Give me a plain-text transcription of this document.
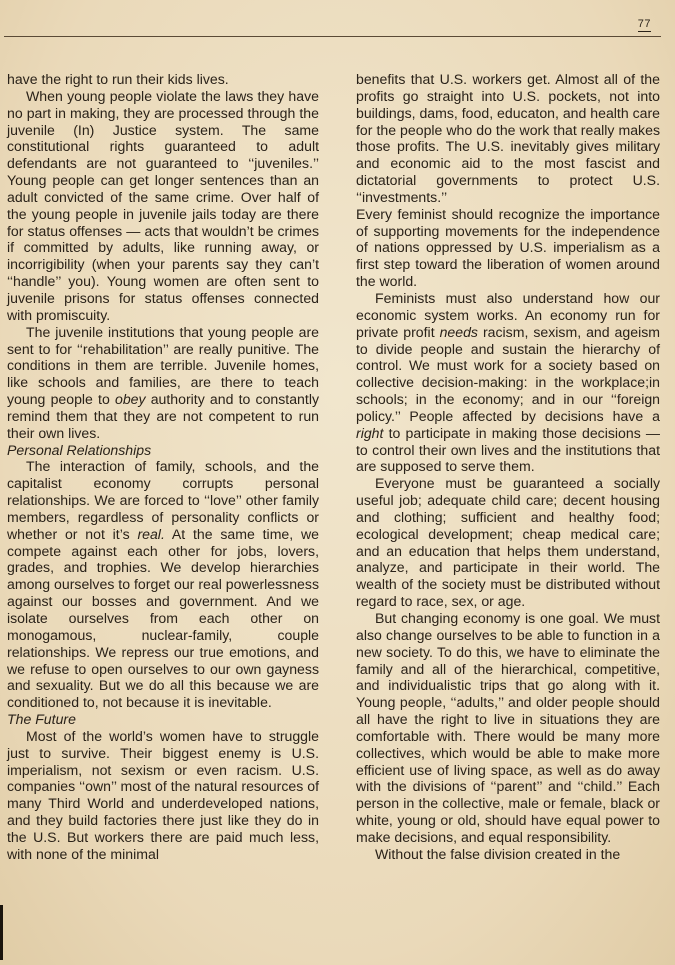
77

have the right to run their kids lives.

When young people violate the laws they have no part in making, they are processed through the juvenile (In) Justice system. The same constitutional rights guaranteed to adult defendants are not guaranteed to ‘‘juveniles.’’ Young people can get longer sentences than an adult convicted of the same crime. Over half of the young people in juvenile jails today are there for status offenses — acts that wouldn’t be crimes if committed by adults, like running away, or incorrigibility (when your parents say they can’t ‘‘handle’’ you). Young women are often sent to juvenile prisons for status offenses connected with promiscuity.

The juvenile institutions that young people are sent to for ‘‘rehabilitation’’ are really punitive. The conditions in them are terrible. Juvenile homes, like schools and families, are there to teach young people to obey authority and to constantly remind them that they are not competent to run their own lives.

Personal Relationships

The interaction of family, schools, and the capitalist economy corrupts personal relationships. We are forced to ‘‘love’’ other family members, regardless of personality conflicts or whether or not it’s real. At the same time, we compete against each other for jobs, lovers, grades, and trophies. We develop hierarchies among ourselves to forget our real powerlessness against our bosses and government. And we isolate ourselves from each other on monogamous, nuclear-family, couple relationships. We repress our true emotions, and we refuse to open ourselves to our own gayness and sexuality. But we do all this because we are conditioned to, not because it is inevitable.

The Future

Most of the world’s women have to struggle just to survive. Their biggest enemy is U.S. imperialism, not sexism or even racism. U.S. companies ‘‘own’’ most of the natural resources of many Third World and underdeveloped nations, and they build factories there just like they do in the U.S. But workers there are paid much less, with none of the minimal

benefits that U.S. workers get. Almost all of the profits go straight into U.S. pockets, not into buildings, dams, food, educaton, and health care for the people who do the work that really makes those profits. The U.S. inevitably gives military and economic aid to the most fascist and dictatorial governments to protect U.S. ‘‘investments.’’

Every feminist should recognize the importance of supporting movements for the independence of nations oppressed by U.S. imperialism as a first step toward the liberation of women around the world.

Feminists must also understand how our economic system works. An economy run for private profit needs racism, sexism, and ageism to divide people and sustain the hierarchy of control. We must work for a society based on collective decision-making: in the workplace;in schools; in the economy; and in our ‘‘foreign policy.’’ People affected by decisions have a right to participate in making those decisions — to control their own lives and the institutions that are supposed to serve them.

Everyone must be guaranteed a socially useful job; adequate child care; decent housing and clothing; sufficient and healthy food; ecological development; cheap medical care; and an education that helps them understand, analyze, and participate in their world. The wealth of the society must be distributed without regard to race, sex, or age.

But changing economy is one goal. We must also change ourselves to be able to function in a new society. To do this, we have to eliminate the family and all of the hierarchical, competitive, and individualistic trips that go along with it. Young people, ‘‘adults,’’ and older people should all have the right to live in situations they are comfortable with. There would be many more collectives, which would be able to make more efficient use of living space, as well as do away with the divisions of ‘‘parent’’ and ‘‘child.’’ Each person in the collective, male or female, black or white, young or old, should have equal power to make decisions, and equal responsibility.

Without the false division created in the
